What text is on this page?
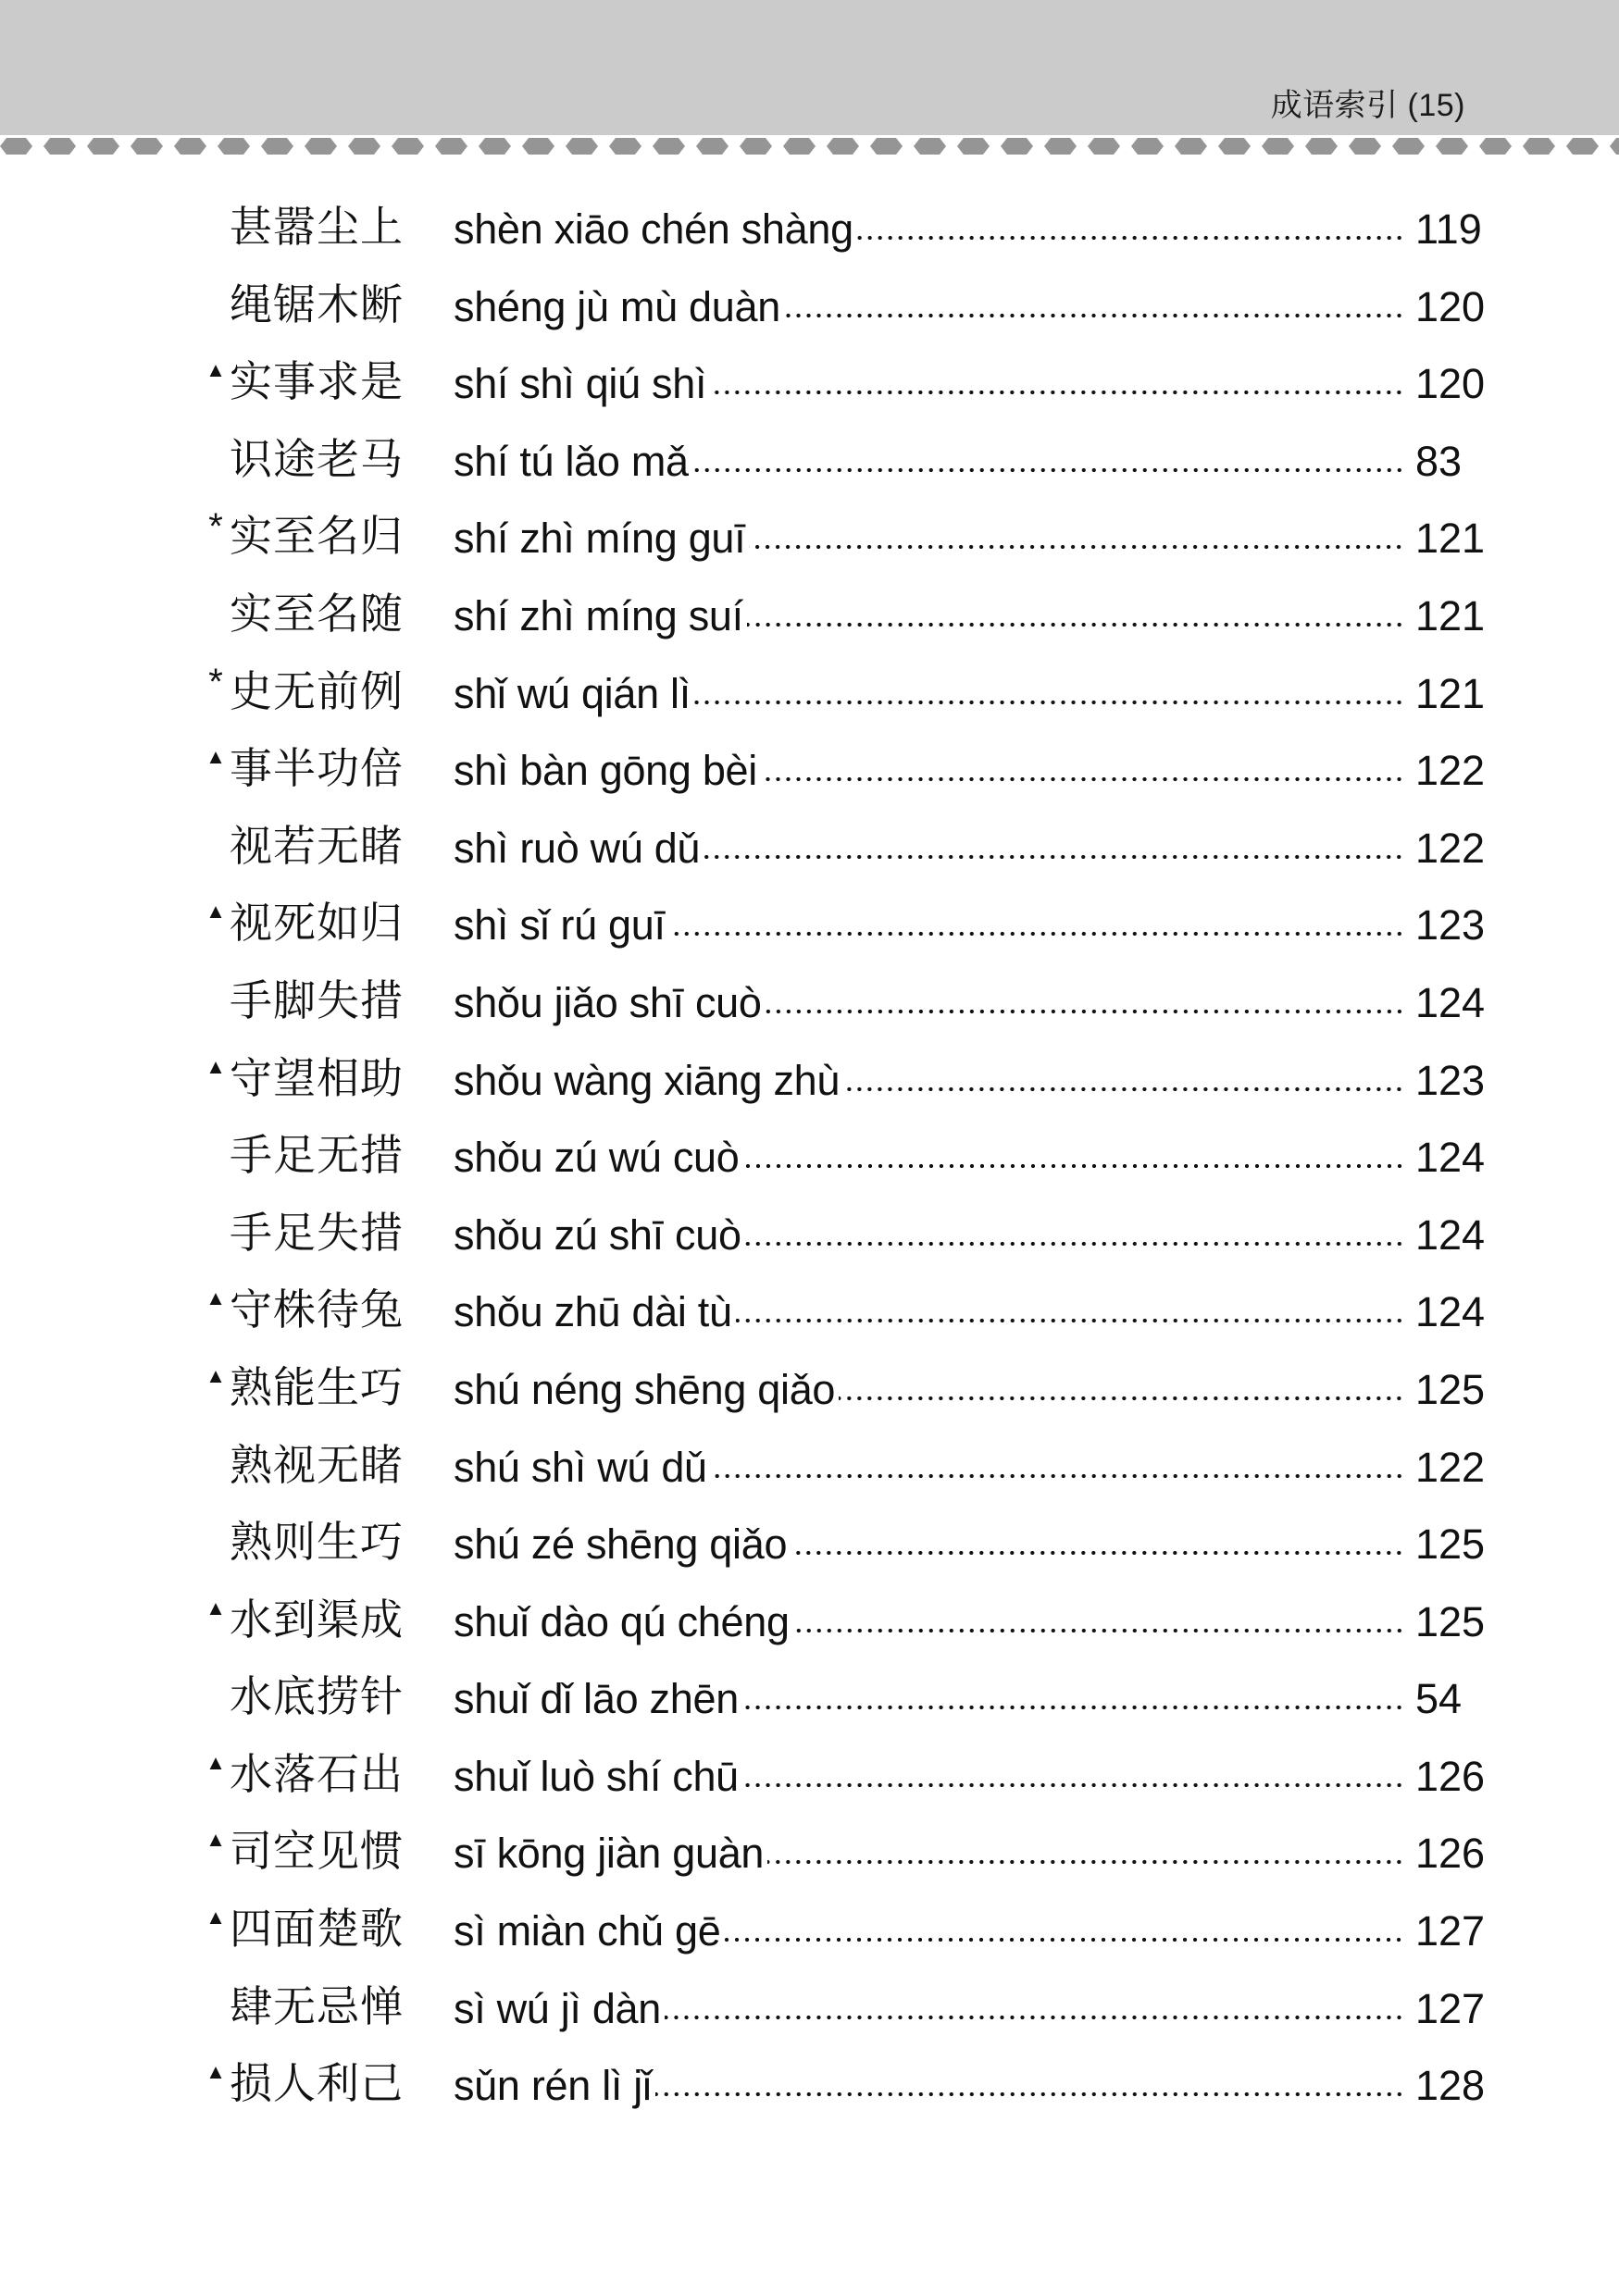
成语索引 (15)
甚嚣尘上 shèn xiāo chén shàng	119
绳锯木断 shéng jù mù duàn	120
▲ 实事求是 shí shì qiú shì	120
识途老马 shí tú lǎo mǎ	83
* 实至名归 shí zhì míng guī	121
实至名随 shí zhì míng suí	121
* 史无前例 shǐ wú qián lì	121
▲ 事半功倍 shì bàn gōng bèi	122
视若无睹 shì ruò wú dǔ	122
▲ 视死如归 shì sǐ rú guī	123
手脚失措 shǒu jiǎo shī cuò	124
▲ 守望相助 shǒu wàng xiāng zhù	123
手足无措 shǒu zú wú cuò	124
手足失措 shǒu zú shī cuò	124
▲ 守株待兔 shǒu zhū dài tù	124
▲ 熟能生巧 shú néng shēng qiǎo	125
熟视无睹 shú shì wú dǔ	122
熟则生巧 shú zé shēng qiǎo	125
▲ 水到渠成 shuǐ dào qú chéng	125
水底捞针 shuǐ dǐ lāo zhēn	54
▲ 水落石出 shuǐ luò shí chū	126
▲ 司空见惯 sī kōng jiàn guàn	126
▲ 四面楚歌 sì miàn chǔ gē	127
肆无忌惮 sì wú jì dàn	127
▲ 损人利己 sǔn rén lì jǐ	128
